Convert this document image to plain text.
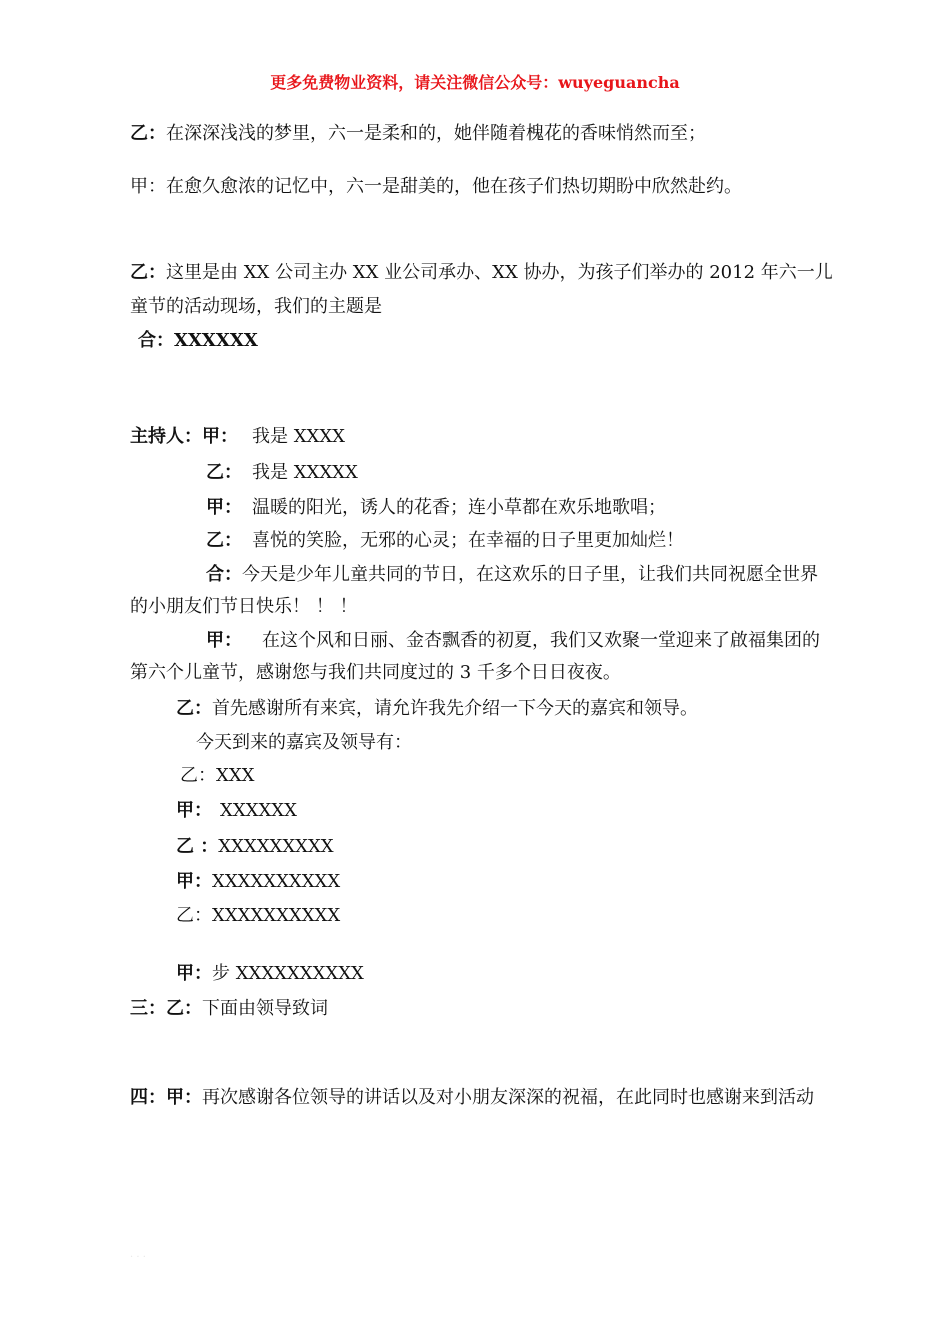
更多免费物业资料，请关注微信公众号：wuyeguancha
乙：在深深浅浅的梦里，六一是柔和的，她伴随着槐花的香味悄然而至；
甲：在愈久愈浓的记忆中，六一是甜美的，他在孩子们热切期盼中欣然赴约。
乙：这里是由 XX 公司主办 XX 业公司承办、XX 协办，为孩子们举办的 2012 年六一儿
童节的活动现场，我们的主题是
合：XXXXXX
主持人：甲： 我是 XXXX
乙： 我是 XXXXX
甲： 温暖的阳光，诱人的花香；连小草都在欢乐地歌唱；
乙： 喜悦的笑脸，无邪的心灵；在幸福的日子里更加灿烂！
合：今天是少年儿童共同的节日，在这欢乐的日子里，让我们共同祝愿全世界
的小朋友们节日快乐！ ！ ！
甲： 在这个风和日丽、金杏飘香的初夏，我们又欢聚一堂迎来了啟福集团的
第六个儿童节，感谢您与我们共同度过的 3 千多个日日夜夜。
乙：首先感谢所有来宾，请允许我先介绍一下今天的嘉宾和领导。
今天到来的嘉宾及领导有：
乙：XXX
甲： XXXXXX
乙 ：XXXXXXXXX
甲：XXXXXXXXXX
乙：XXXXXXXXXX
甲：步 XXXXXXXXXX
三：乙：下面由领导致词
四：甲：再次感谢各位领导的讲话以及对小朋友深深的祝福，在此同时也感谢来到活动
· · ·
